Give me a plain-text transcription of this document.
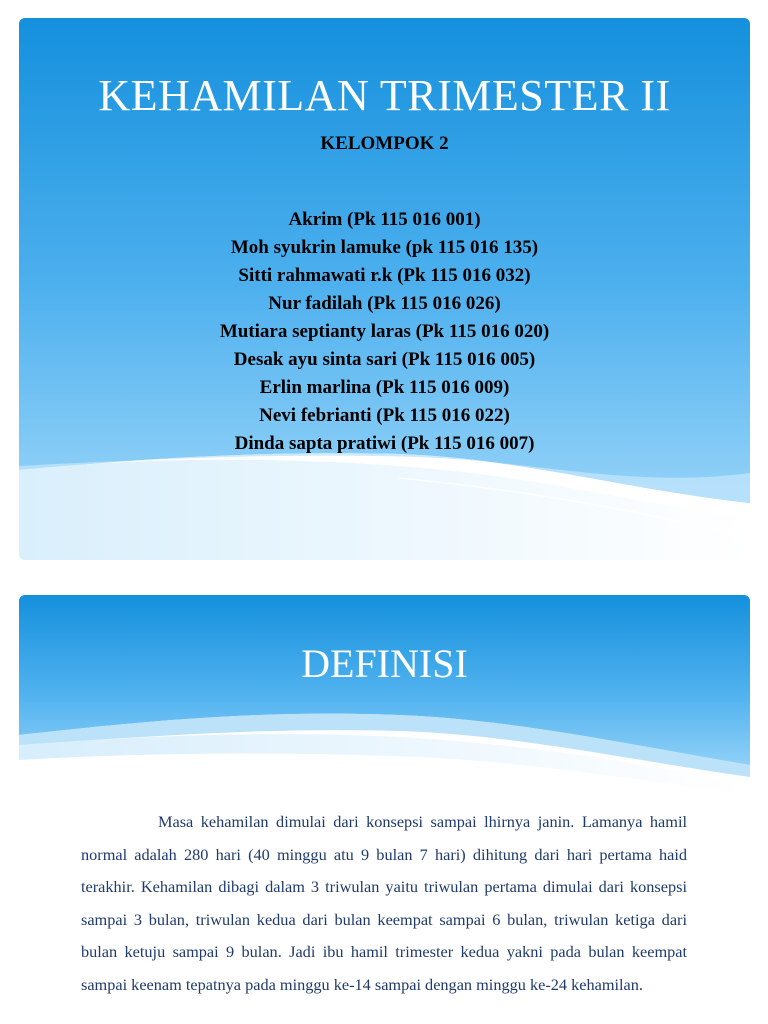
KEHAMILAN TRIMESTER II

KELOMPOK 2

Akrim (Pk 115 016 001)
Moh syukrin lamuke (pk 115 016 135)
Sitti rahmawati r.k (Pk 115 016 032)
Nur fadilah (Pk 115 016 026)
Mutiara septianty laras (Pk 115 016 020)
Desak ayu sinta sari (Pk 115 016 005)
Erlin marlina (Pk 115 016 009)
Nevi febrianti (Pk 115 016 022)
Dinda sapta pratiwi (Pk 115 016 007)
DEFINISI

Masa kehamilan dimulai dari konsepsi sampai lhirnya janin. Lamanya hamil normal adalah 280 hari (40 minggu atu 9 bulan 7 hari) dihitung dari hari pertama haid terakhir. Kehamilan dibagi dalam 3 triwulan yaitu triwulan pertama dimulai dari konsepsi sampai 3 bulan, triwulan kedua dari bulan keempat sampai 6 bulan, triwulan ketiga dari bulan ketuju sampai 9 bulan. Jadi ibu hamil trimester kedua yakni pada bulan keempat sampai keenam tepatnya pada minggu ke-14 sampai dengan minggu ke-24 kehamilan.
